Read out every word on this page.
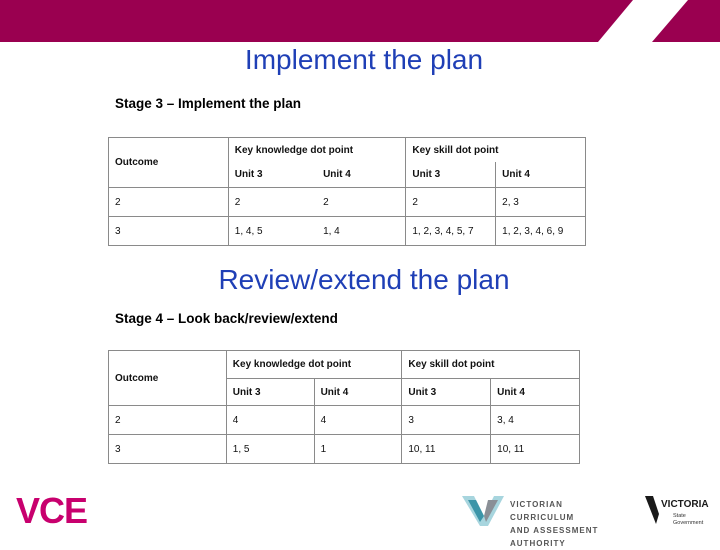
Implement the plan
Stage 3 – Implement the plan
Outcome	Key knowledge dot point		Key skill dot point	
	Unit 3	Unit 4	Unit 3	Unit 4
2	2	2	2	2, 3
3	1, 4, 5	1, 4	1, 2, 3, 4, 5, 7	1, 2, 3, 4, 6, 9
Review/extend the plan
Stage 4 – Look back/review/extend
Outcome	Key knowledge dot point		Key skill dot point	
	Unit 3	Unit 4	Unit 3	Unit 4
2	4	4	3	3, 4
3	1, 5	1	10, 11	10, 11
VCE	VICTORIAN CURRICULUM
AND ASSESSMENT AUTHORITY
VICTORIA
State
Government
